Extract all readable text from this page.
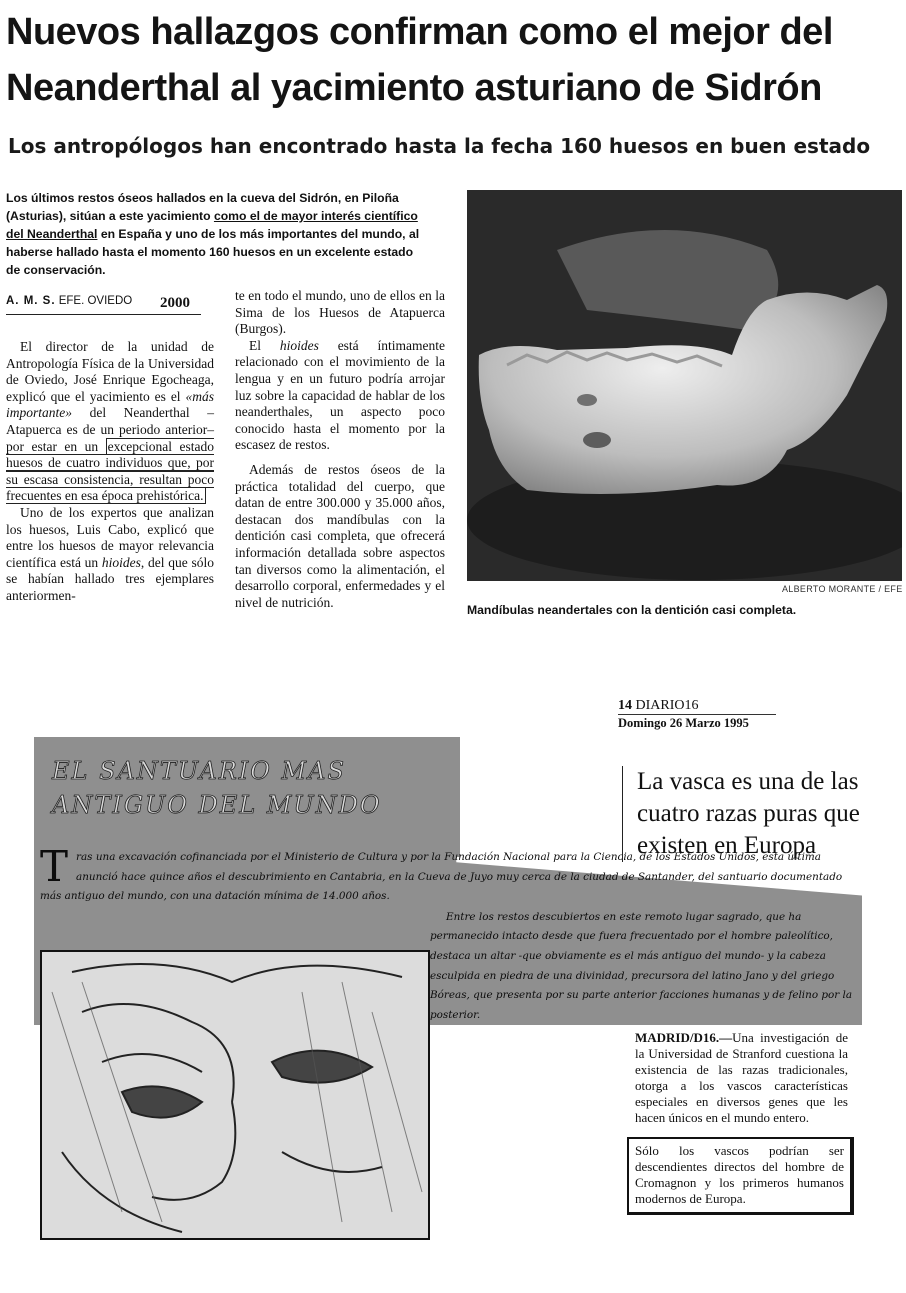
Nuevos hallazgos confirman como el mejor del Neanderthal al yacimiento asturiano de Sidrón
Los antropólogos han encontrado hasta la fecha 160 huesos en buen estado
Los últimos restos óseos hallados en la cueva del Sidrón, en Piloña (Asturias), sitúan a este yacimiento como el de mayor interés científico del Neanderthal en España y uno de los más importantes del mundo, al haberse hallado hasta el momento 160 huesos en un excelente estado de conservación.
A. M. S. EFE. OVIEDO	2000

El director de la unidad de Antropología Física de la Universidad de Oviedo, José Enrique Egocheaga, explicó que el yacimiento es el «más importante» del Neanderthal –Atapuerca es de un periodo anterior– por estar en un excepcional estado huesos de cuatro individuos que, por su escasa consistencia, resultan poco frecuentes en esa época prehistórica.

Uno de los expertos que analizan los huesos, Luis Cabo, explicó que entre los huesos de mayor relevancia científica está un hioides, del que sólo se habían hallado tres ejemplares anteriormen-

te en todo el mundo, uno de ellos en la Sima de los Huesos de Atapuerca (Burgos).

El hioides está íntimamente relacionado con el movimiento de la lengua y en un futuro podría arrojar luz sobre la capacidad de hablar de los neanderthales, un aspecto poco conocido hasta el momento por la escasez de restos.

Además de restos óseos de la práctica totalidad del cuerpo, que datan de entre 300.000 y 35.000 años, destacan dos mandíbulas con la dentición casi completa, que ofrecerá información detallada sobre aspectos tan diversos como la alimentación, el desarrollo corporal, enfermedades y el nivel de nutrición.

ALBERTO MORANTE / EFE
Mandíbulas neandertales con la dentición casi completa.
14 DIARIO16
Domingo 26 Marzo 1995
EL SANTUARIO MAS ANTIGUO DEL MUNDO
T ras una excavación cofinanciada por el Ministerio de Cultura y por la Fundación Nacional para la Ciencia, de los Estados Unidos, esta última anunció hace quince años el descubrimiento en Cantabria, en la Cueva de Juyo muy cerca de la ciudad de Santander, del santuario documentado más antiguo del mundo, con una datación mínima de 14.000 años.
Entre los restos descubiertos en este remoto lugar sagrado, que ha permanecido intacto desde que fuera frecuentado por el hombre paleolítico, destaca un altar -que obviamente es el más antiguo del mundo- y la cabeza esculpida en piedra de una divinidad, precursora del latino Jano y del griego Bóreas, que presenta por su parte anterior facciones humanas y de felino por la posterior.
La vasca es una de las cuatro razas puras que existen en Europa
MADRID/D16.—Una investigación de la Universidad de Stranford cuestiona la existencia de las razas tradicionales, otorga a los vascos características especiales en diversos genes que les hacen únicos en el mundo entero.
Sólo los vascos podrían ser descendientes directos del hombre de Cromagnon y los primeros humanos modernos de Europa.
